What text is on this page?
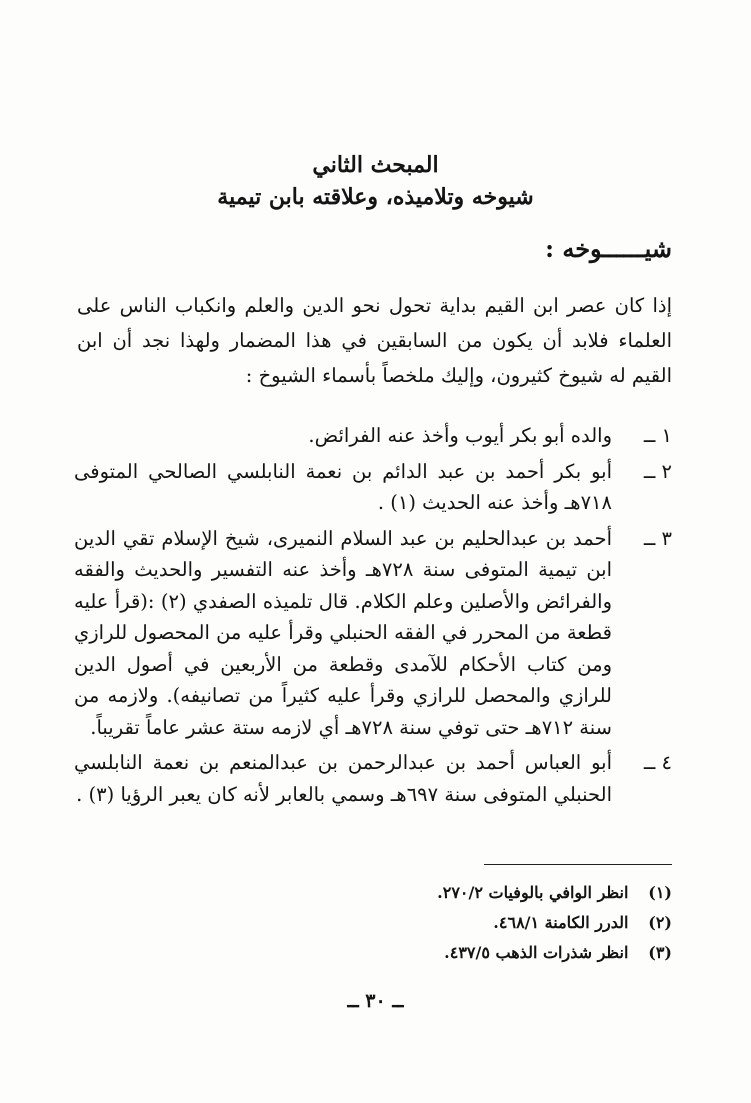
المبحث الثاني
شيوخه وتلاميذه، وعلاقته بابن تيمية
شيــــــوخه :
إذا كان عصر ابن القيم بداية تحول نحو الدين والعلم وانكباب الناس على العلماء فلابد أن يكون من السابقين في هذا المضمار ولهذا نجد أن ابن القيم له شيوخ كثيرون، وإليك ملخصاً بأسماء الشيوخ :
١ ــ
والده أبو بكر أيوب وأخذ عنه الفرائض.
٢ ــ
أبو بكر أحمد بن عبد الدائم بن نعمة النابلسي الصالحي المتوفى ٧١٨هـ وأخذ عنه الحديث (١) .
٣ ــ
أحمد بن عبدالحليم بن عبد السلام النميرى، شيخ الإسلام تقي الدين ابن تيمية المتوفى سنة ٧٢٨هـ وأخذ عنه التفسير والحديث والفقه والفرائض والأصلين وعلم الكلام. قال تلميذه الصفدي (٢) :(قرأ عليه قطعة من المحرر في الفقه الحنبلي وقرأ عليه من المحصول للرازي ومن كتاب الأحكام للآمدى وقطعة من الأربعين في أصول الدين للرازي والمحصل للرازي وقرأ عليه كثيراً من تصانيفه). ولازمه من سنة ٧١٢هـ حتى توفي سنة ٧٢٨هـ أي لازمه ستة عشر عاماً تقريباً.
٤ ــ
أبو العباس أحمد بن عبدالرحمن بن عبدالمنعم بن نعمة النابلسي الحنبلي المتوفى سنة ٦٩٧هـ وسمي بالعابر لأنه كان يعبر الرؤيا (٣) .
(١) انظر الوافي بالوفيات ٢٧٠/٢.
(٢) الدرر الكامنة ٤٦٨/١.
(٣) انظر شذرات الذهب ٤٣٧/٥.
ــ ٣٠ ــ
